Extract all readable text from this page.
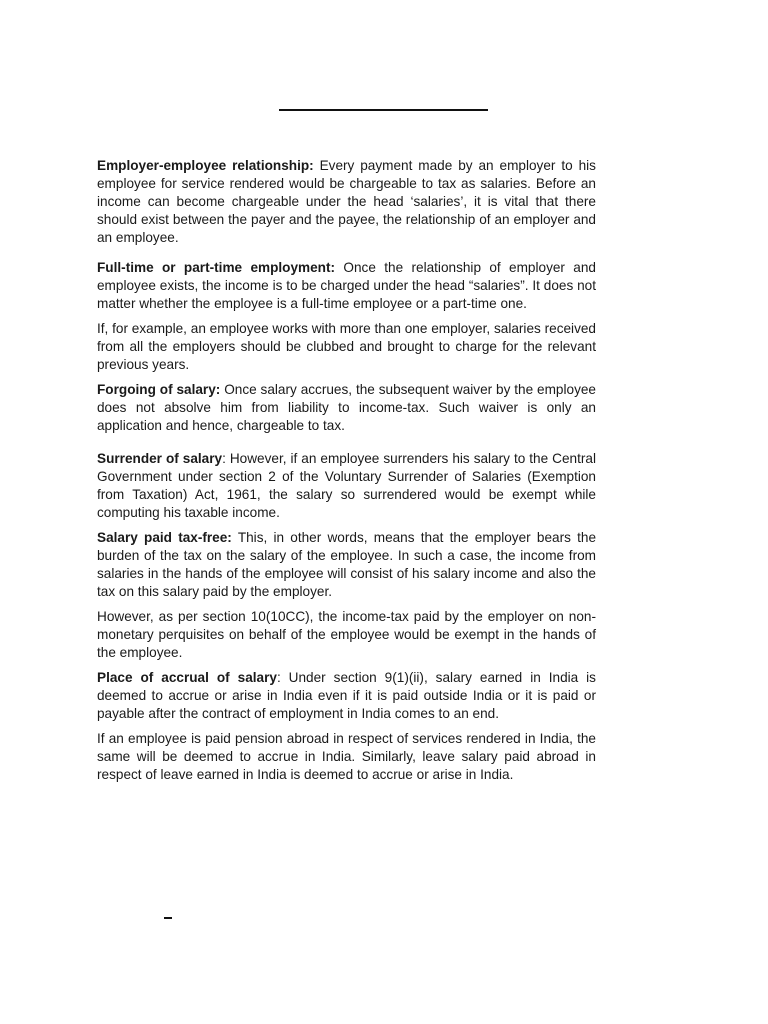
Employer-employee relationship: Every payment made by an employer to his employee for service rendered would be chargeable to tax as salaries. Before an income can become chargeable under the head ‘salaries’, it is vital that there should exist between the payer and the payee, the relationship of an employer and an employee.

Full-time or part-time employment: Once the relationship of employer and employee exists, the income is to be charged under the head “salaries”. It does not matter whether the employee is a full-time employee or a part-time one.

If, for example, an employee works with more than one employer, salaries received from all the employers should be clubbed and brought to charge for the relevant previous years.

Forgoing of salary: Once salary accrues, the subsequent waiver by the employee does not absolve him from liability to income-tax. Such waiver is only an application and hence, chargeable to tax.

Surrender of salary: However, if an employee surrenders his salary to the Central Government under section 2 of the Voluntary Surrender of Salaries (Exemption from Taxation) Act, 1961, the salary so surrendered would be exempt while computing his taxable income.

Salary paid tax-free: This, in other words, means that the employer bears the burden of the tax on the salary of the employee. In such a case, the income from salaries in the hands of the employee will consist of his salary income and also the tax on this salary paid by the employer.

However, as per section 10(10CC), the income-tax paid by the employer on non-monetary perquisites on behalf of the employee would be exempt in the hands of the employee.

Place of accrual of salary: Under section 9(1)(ii), salary earned in India is deemed to accrue or arise in India even if it is paid outside India or it is paid or payable after the contract of employment in India comes to an end.

If an employee is paid pension abroad in respect of services rendered in India, the same will be deemed to accrue in India. Similarly, leave salary paid abroad in respect of leave earned in India is deemed to accrue or arise in India.
